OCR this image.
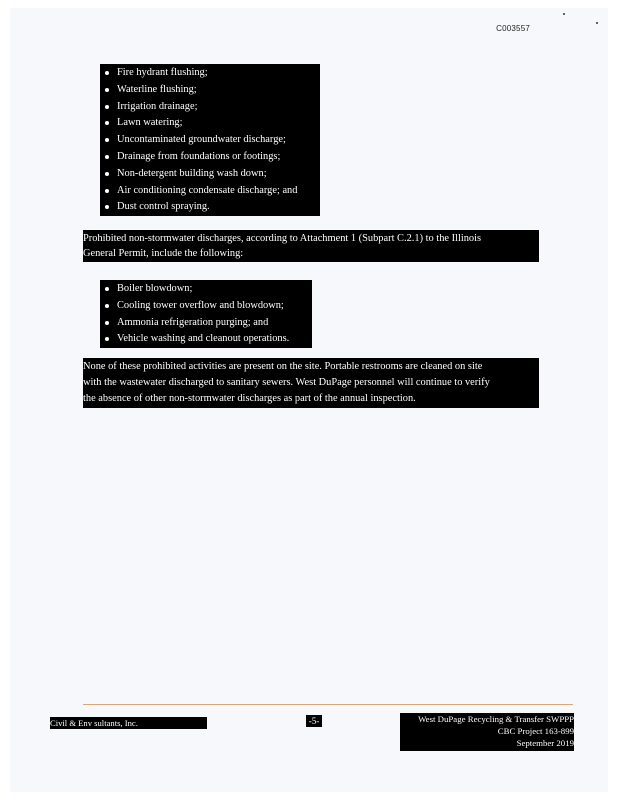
C003557
Fire hydrant flushing;
Waterline flushing;
Irrigation drainage;
Lawn watering;
Uncontaminated groundwater discharge;
Drainage from foundations or footings;
Non-detergent building wash down;
Air conditioning condensate discharge; and
Dust control spraying.
Prohibited non-stormwater discharges, according to Attachment 1 (Subpart C.2.1) to the Illinois
General Permit, include the following:
Boiler blowdown;
Cooling tower overflow and blowdown;
Ammonia refrigeration purging; and
Vehicle washing and cleanout operations.
None of these prohibited activities are present on the site. Portable restrooms are cleaned on site
with the wastewater discharged to sanitary sewers. West DuPage personnel will continue to verify
the absence of other non-stormwater discharges as part of the annual inspection.
Civil & Env sultants, Inc.	-5-	West DuPage Recycling & Transfer SWPPP
CBC Project 163-899
September 2019
